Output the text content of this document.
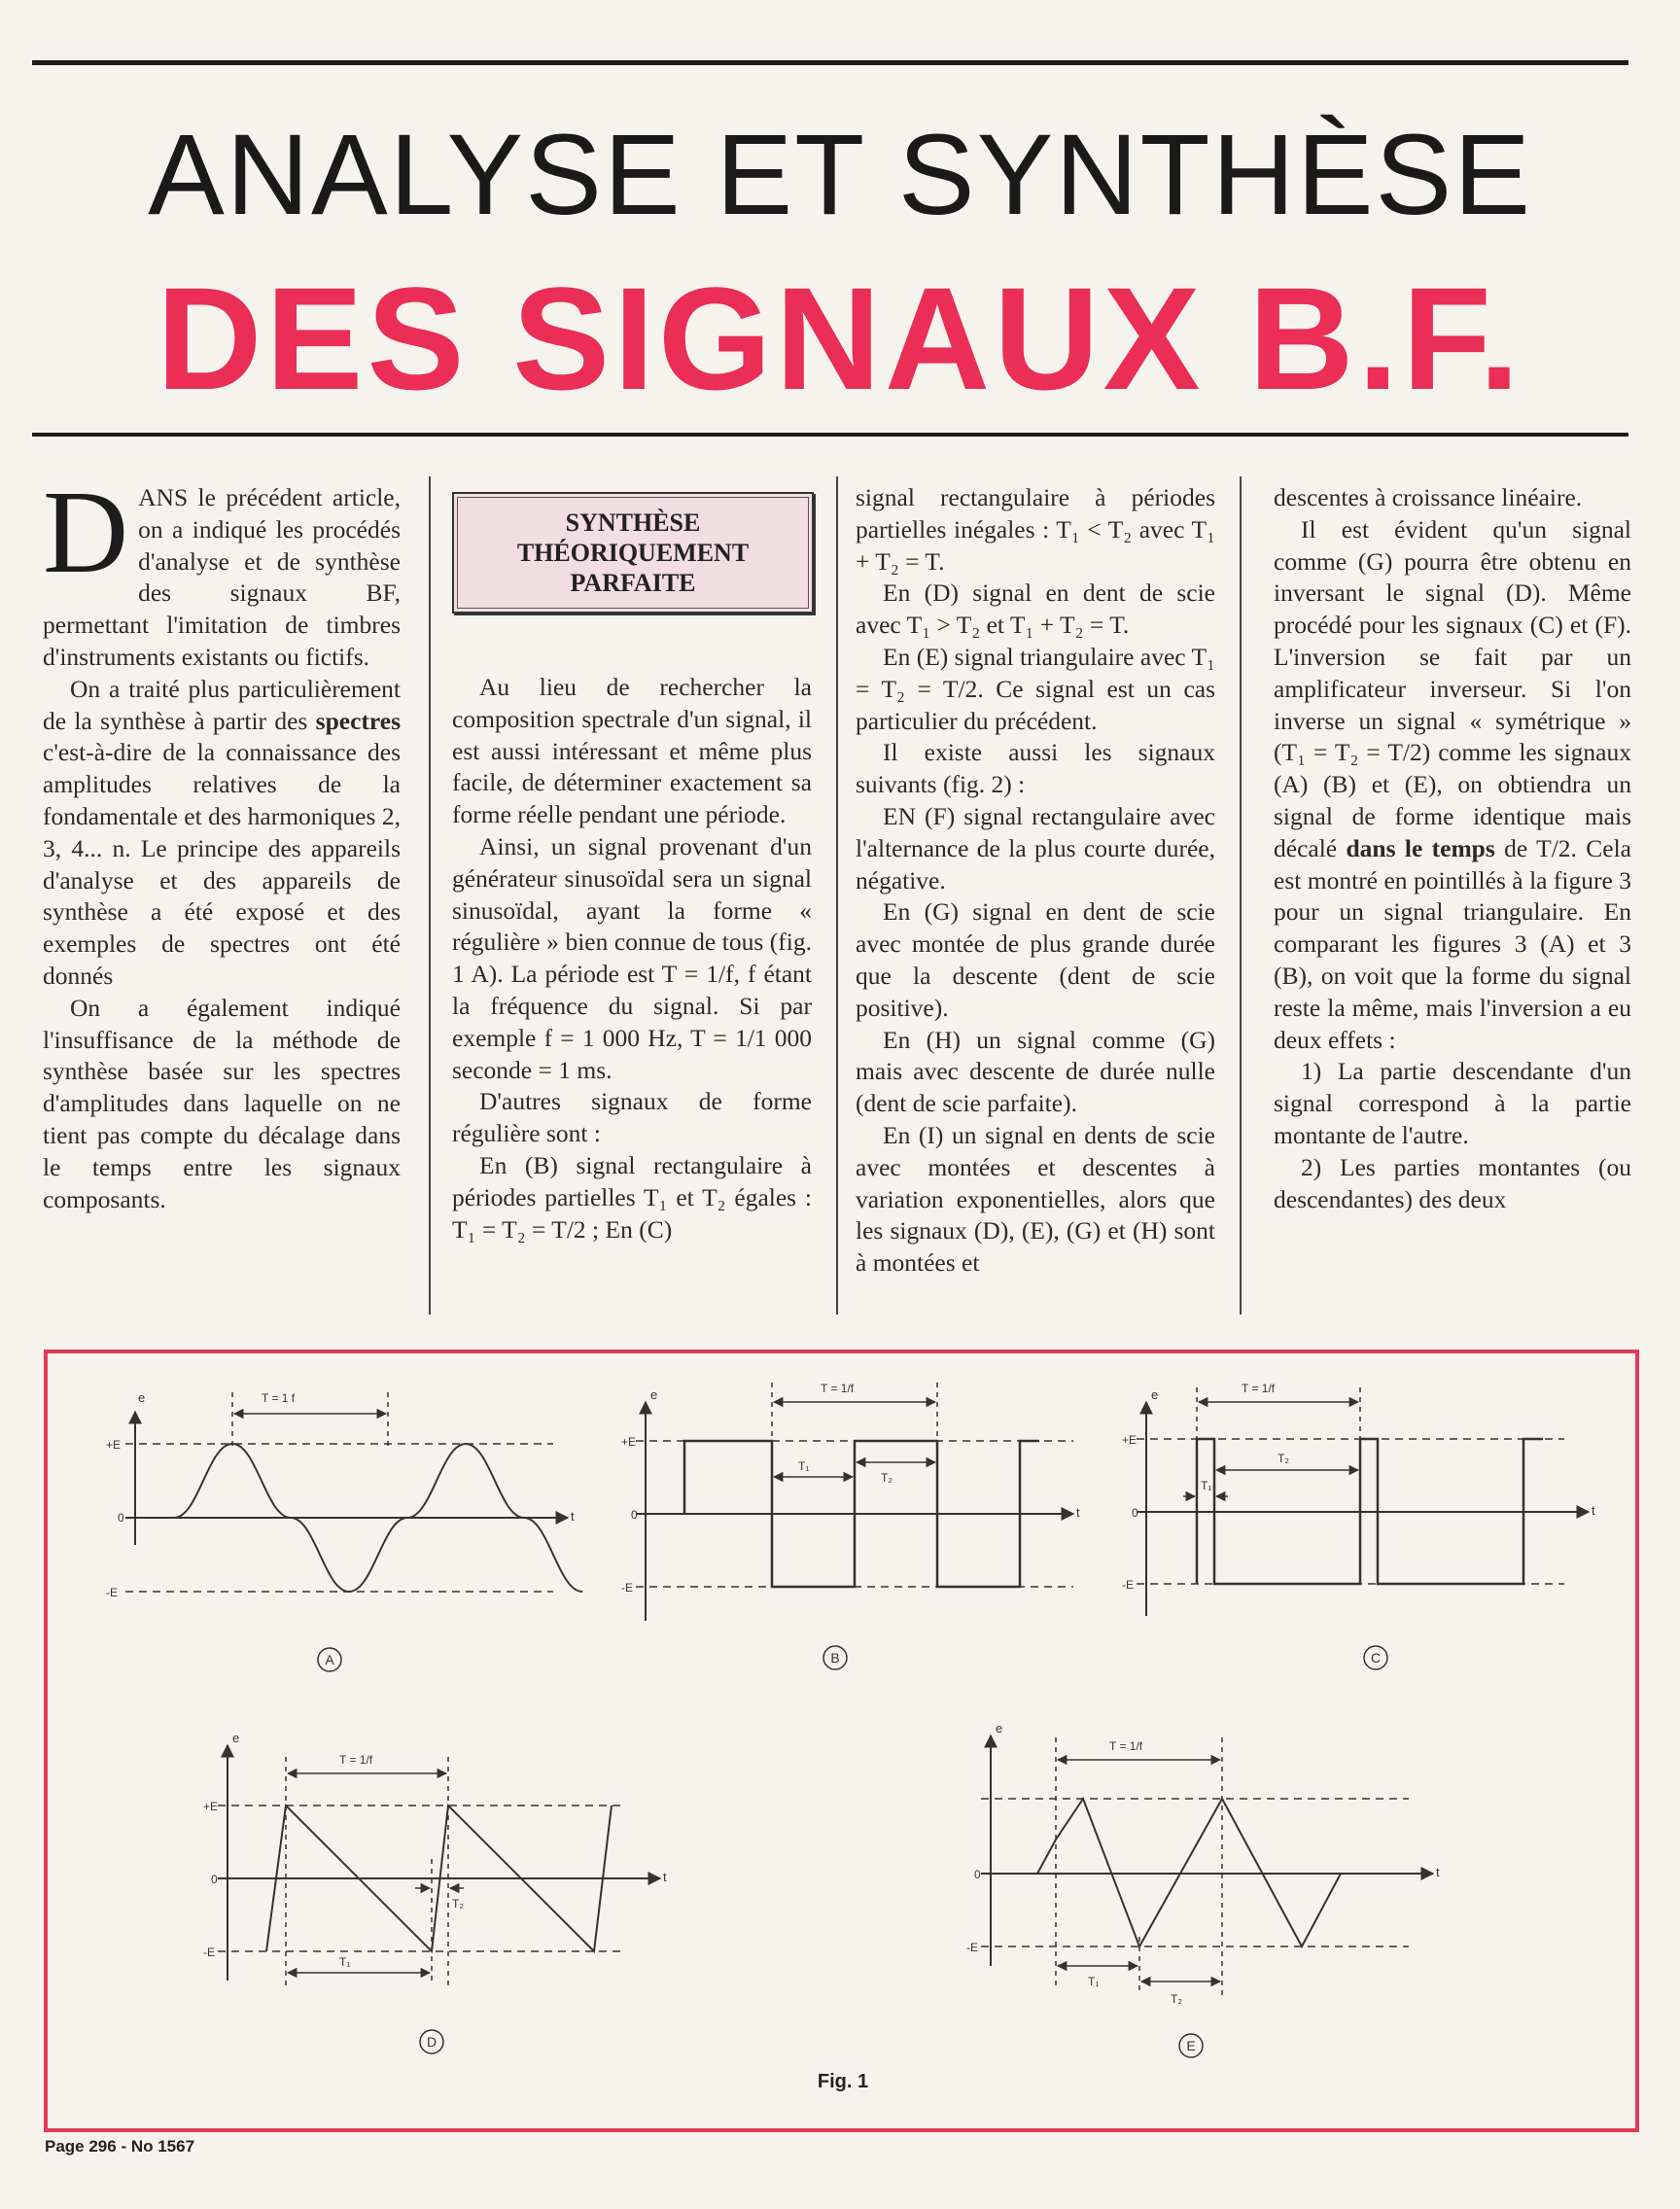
ANALYSE ET SYNTHÈSE
DES SIGNAUX B.F.

DANS le précédent article, on a indiqué les procédés d'analyse et de synthèse des signaux BF, permettant l'imitation de timbres d'instruments existants ou fictifs.

On a traité plus particulièrement de la synthèse à partir des spectres c'est-à-dire de la connaissance des amplitudes relatives de la fondamentale et des harmoniques 2, 3, 4... n. Le principe des appareils d'analyse et des appareils de synthèse a été exposé et des exemples de spectres ont été donnés

On a également indiqué l'insuffisance de la méthode de synthèse basée sur les spectres d'amplitudes dans laquelle on ne tient pas compte du décalage dans le temps entre les signaux composants.

SYNTHÈSE
THÉORIQUEMENT
PARFAITE

Au lieu de rechercher la composition spectrale d'un signal, il est aussi intéressant et même plus facile, de déterminer exactement sa forme réelle pendant une période.

Ainsi, un signal provenant d'un générateur sinusoïdal sera un signal sinusoïdal, ayant la forme « régulière » bien connue de tous (fig. 1 A). La période est T = 1/f, f étant la fréquence du signal. Si par exemple f = 1 000 Hz, T = 1/1 000 seconde = 1 ms.

D'autres signaux de forme régulière sont :

En (B) signal rectangulaire à périodes partielles T₁ et T₂ égales : T₁ = T₂ = T/2 ; En (C)

signal rectangulaire à périodes partielles inégales : T₁ < T₂ avec T₁ + T₂ = T.

En (D) signal en dent de scie avec T₁ > T₂ et T₁ + T₂ = T.

En (E) signal triangulaire avec T₁ = T₂ = T/2. Ce signal est un cas particulier du précédent.

Il existe aussi les signaux suivants (fig. 2) :

EN (F) signal rectangulaire avec l'alternance de la plus courte durée, négative.

En (G) signal en dent de scie avec montée de plus grande durée que la descente (dent de scie positive).

En (H) un signal comme (G) mais avec descente de durée nulle (dent de scie parfaite).

En (I) un signal en dents de scie avec montées et descentes à variation exponentielles, alors que les signaux (D), (E), (G) et (H) sont à montées et

descentes à croissance linéaire.

Il est évident qu'un signal comme (G) pourra être obtenu en inversant le signal (D). Même procédé pour les signaux (C) et (F). L'inversion se fait par un amplificateur inverseur. Si l'on inverse un signal « symétrique » (T₁ = T₂ = T/2) comme les signaux (A) (B) et (E), on obtiendra un signal de forme identique mais décalé dans le temps de T/2. Cela est montré en pointillés à la figure 3 pour un signal triangulaire. En comparant les figures 3 (A) et 3 (B), on voit que la forme du signal reste la même, mais l'inversion a eu deux effets :

1) La partie descendante d'un signal correspond à la partie montante de l'autre.

2) Les parties montantes (ou descendantes) des deux

T = 1 f
e
+E
0
-E
t
A
T = 1/f
T₁
T₂
e
+E
0
-E
t
B
T = 1/f
T₁
T₂
e
+E
0
-E
t
C
T = 1/f
T₁
T₂
e
+E
0
-E
t
D
T = 1/f
T₁
T₂
e
0
-E
t
E
Fig. 1
Page 296 - No 1567
